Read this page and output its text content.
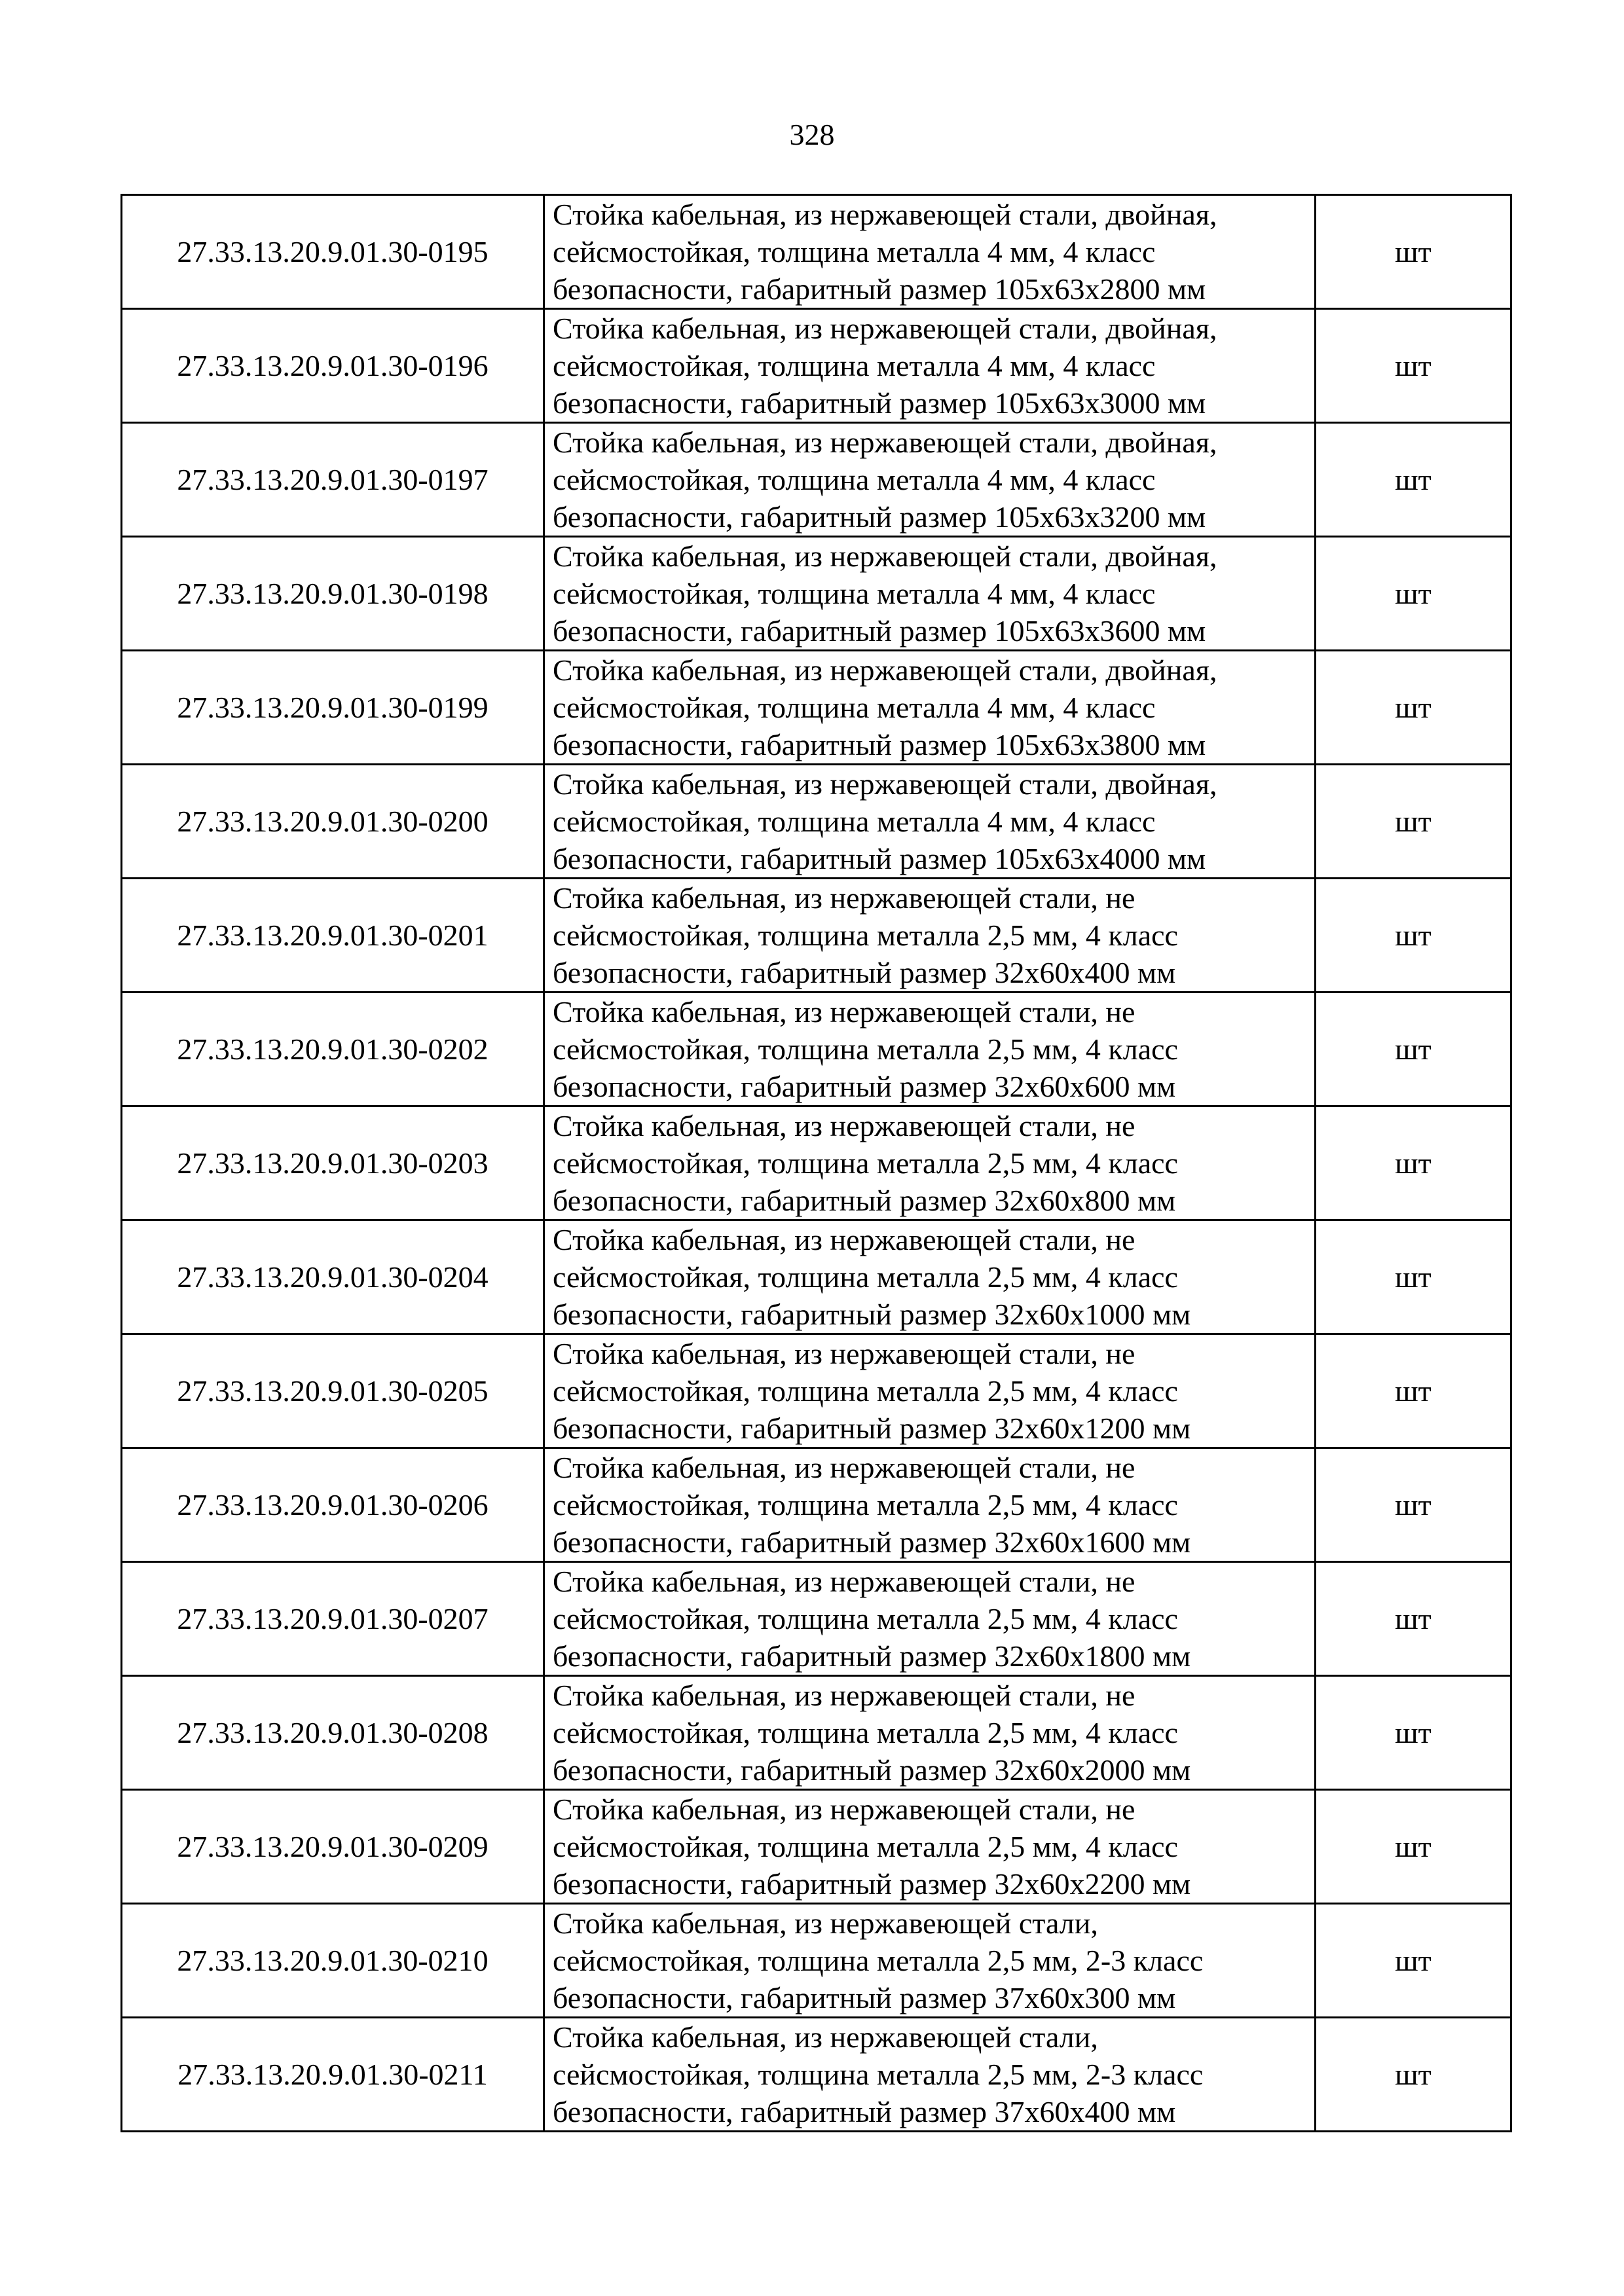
328
27.33.13.20.9.01.30-0195	Стойка кабельная, из нержавеющей стали, двойная,
сейсмостойкая, толщина металла 4 мм, 4 класс
безопасности, габаритный размер 105х63х2800 мм	шт
27.33.13.20.9.01.30-0196	Стойка кабельная, из нержавеющей стали, двойная,
сейсмостойкая, толщина металла 4 мм, 4 класс
безопасности, габаритный размер 105х63х3000 мм	шт
27.33.13.20.9.01.30-0197	Стойка кабельная, из нержавеющей стали, двойная,
сейсмостойкая, толщина металла 4 мм, 4 класс
безопасности, габаритный размер 105х63х3200 мм	шт
27.33.13.20.9.01.30-0198	Стойка кабельная, из нержавеющей стали, двойная,
сейсмостойкая, толщина металла 4 мм, 4 класс
безопасности, габаритный размер 105х63х3600 мм	шт
27.33.13.20.9.01.30-0199	Стойка кабельная, из нержавеющей стали, двойная,
сейсмостойкая, толщина металла 4 мм, 4 класс
безопасности, габаритный размер 105х63х3800 мм	шт
27.33.13.20.9.01.30-0200	Стойка кабельная, из нержавеющей стали, двойная,
сейсмостойкая, толщина металла 4 мм, 4 класс
безопасности, габаритный размер 105х63х4000 мм	шт
27.33.13.20.9.01.30-0201	Стойка кабельная, из нержавеющей стали, не
сейсмостойкая, толщина металла 2,5 мм, 4 класс
безопасности, габаритный размер 32х60х400 мм	шт
27.33.13.20.9.01.30-0202	Стойка кабельная, из нержавеющей стали, не
сейсмостойкая, толщина металла 2,5 мм, 4 класс
безопасности, габаритный размер 32х60х600 мм	шт
27.33.13.20.9.01.30-0203	Стойка кабельная, из нержавеющей стали, не
сейсмостойкая, толщина металла 2,5 мм, 4 класс
безопасности, габаритный размер 32х60х800 мм	шт
27.33.13.20.9.01.30-0204	Стойка кабельная, из нержавеющей стали, не
сейсмостойкая, толщина металла 2,5 мм, 4 класс
безопасности, габаритный размер 32х60х1000 мм	шт
27.33.13.20.9.01.30-0205	Стойка кабельная, из нержавеющей стали, не
сейсмостойкая, толщина металла 2,5 мм, 4 класс
безопасности, габаритный размер 32х60х1200 мм	шт
27.33.13.20.9.01.30-0206	Стойка кабельная, из нержавеющей стали, не
сейсмостойкая, толщина металла 2,5 мм, 4 класс
безопасности, габаритный размер 32х60х1600 мм	шт
27.33.13.20.9.01.30-0207	Стойка кабельная, из нержавеющей стали, не
сейсмостойкая, толщина металла 2,5 мм, 4 класс
безопасности, габаритный размер 32х60х1800 мм	шт
27.33.13.20.9.01.30-0208	Стойка кабельная, из нержавеющей стали, не
сейсмостойкая, толщина металла 2,5 мм, 4 класс
безопасности, габаритный размер 32х60х2000 мм	шт
27.33.13.20.9.01.30-0209	Стойка кабельная, из нержавеющей стали, не
сейсмостойкая, толщина металла 2,5 мм, 4 класс
безопасности, габаритный размер 32х60х2200 мм	шт
27.33.13.20.9.01.30-0210	Стойка кабельная, из нержавеющей стали,
сейсмостойкая, толщина металла 2,5 мм, 2-3 класс
безопасности, габаритный размер 37х60х300 мм	шт
27.33.13.20.9.01.30-0211	Стойка кабельная, из нержавеющей стали,
сейсмостойкая, толщина металла 2,5 мм, 2-3 класс
безопасности, габаритный размер 37х60х400 мм	шт
